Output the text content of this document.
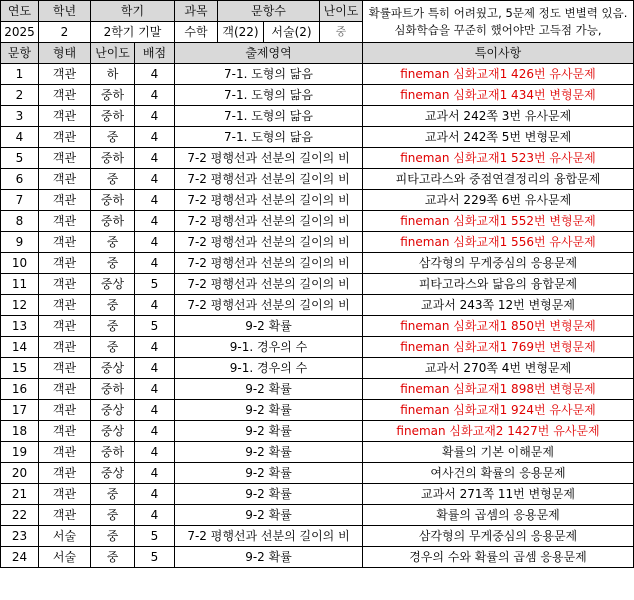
연도	학년	학기		과목	문항수		난이도	확률파트가 특히 어려웠고, 5문제 정도 변별력 있음. 심화학습을 꾸준히 했어야만 고득점 가능,
2025	2	2학기 기말		수학	객(22)	서술(2)	중	
문항	형태	난이도	배점	출제영역				특이사항
1	객관	하	4	7-1. 도형의 닮음				fineman 심화교재1 426번 유사문제
2	객관	중하	4	7-1. 도형의 닮음				fineman 심화교재1 434번 변형문제
3	객관	중하	4	7-1. 도형의 닮음				교과서 242쪽 3번 유사문제
4	객관	중	4	7-1. 도형의 닮음				교과서 242쪽 5번 변형문제
5	객관	중하	4	7-2 평행선과 선분의 길이의 비				fineman 심화교재1 523번 유사문제
6	객관	중	4	7-2 평행선과 선분의 길이의 비				피타고라스와 중점연결정리의 융합문제
7	객관	중하	4	7-2 평행선과 선분의 길이의 비				교과서 229쪽 6번 유사문제
8	객관	중하	4	7-2 평행선과 선분의 길이의 비				fineman 심화교재1 552번 변형문제
9	객관	중	4	7-2 평행선과 선분의 길이의 비				fineman 심화교재1 556번 유사문제
10	객관	중	4	7-2 평행선과 선분의 길이의 비				삼각형의 무게중심의 응용문제
11	객관	중상	5	7-2 평행선과 선분의 길이의 비				피타고라스와 닮음의 융합문제
12	객관	중	4	7-2 평행선과 선분의 길이의 비				교과서 243쪽 12번 변형문제
13	객관	중	5	9-2 확률				fineman 심화교재1 850번 변형문제
14	객관	중	4	9-1. 경우의 수				fineman 심화교재1 769번 변형문제
15	객관	중상	4	9-1. 경우의 수				교과서 270쪽 4번 변형문제
16	객관	중하	4	9-2 확률				fineman 심화교재1 898번 변형문제
17	객관	중상	4	9-2 확률				fineman 심화교재1 924번 유사문제
18	객관	중상	4	9-2 확률				fineman 심화교재2 1427번 유사문제
19	객관	중하	4	9-2 확률				확률의 기본 이해문제
20	객관	중상	4	9-2 확률				여사건의 확률의 응용문제
21	객관	중	4	9-2 확률				교과서 271쪽 11번 변형문제
22	객관	중	4	9-2 확률				확률의 곱셈의 응용문제
23	서술	중	5	7-2 평행선과 선분의 길이의 비				삼각형의 무게중심의 응용문제
24	서술	중	5	9-2 확률				경우의 수와 확률의 곱셈 응용문제
